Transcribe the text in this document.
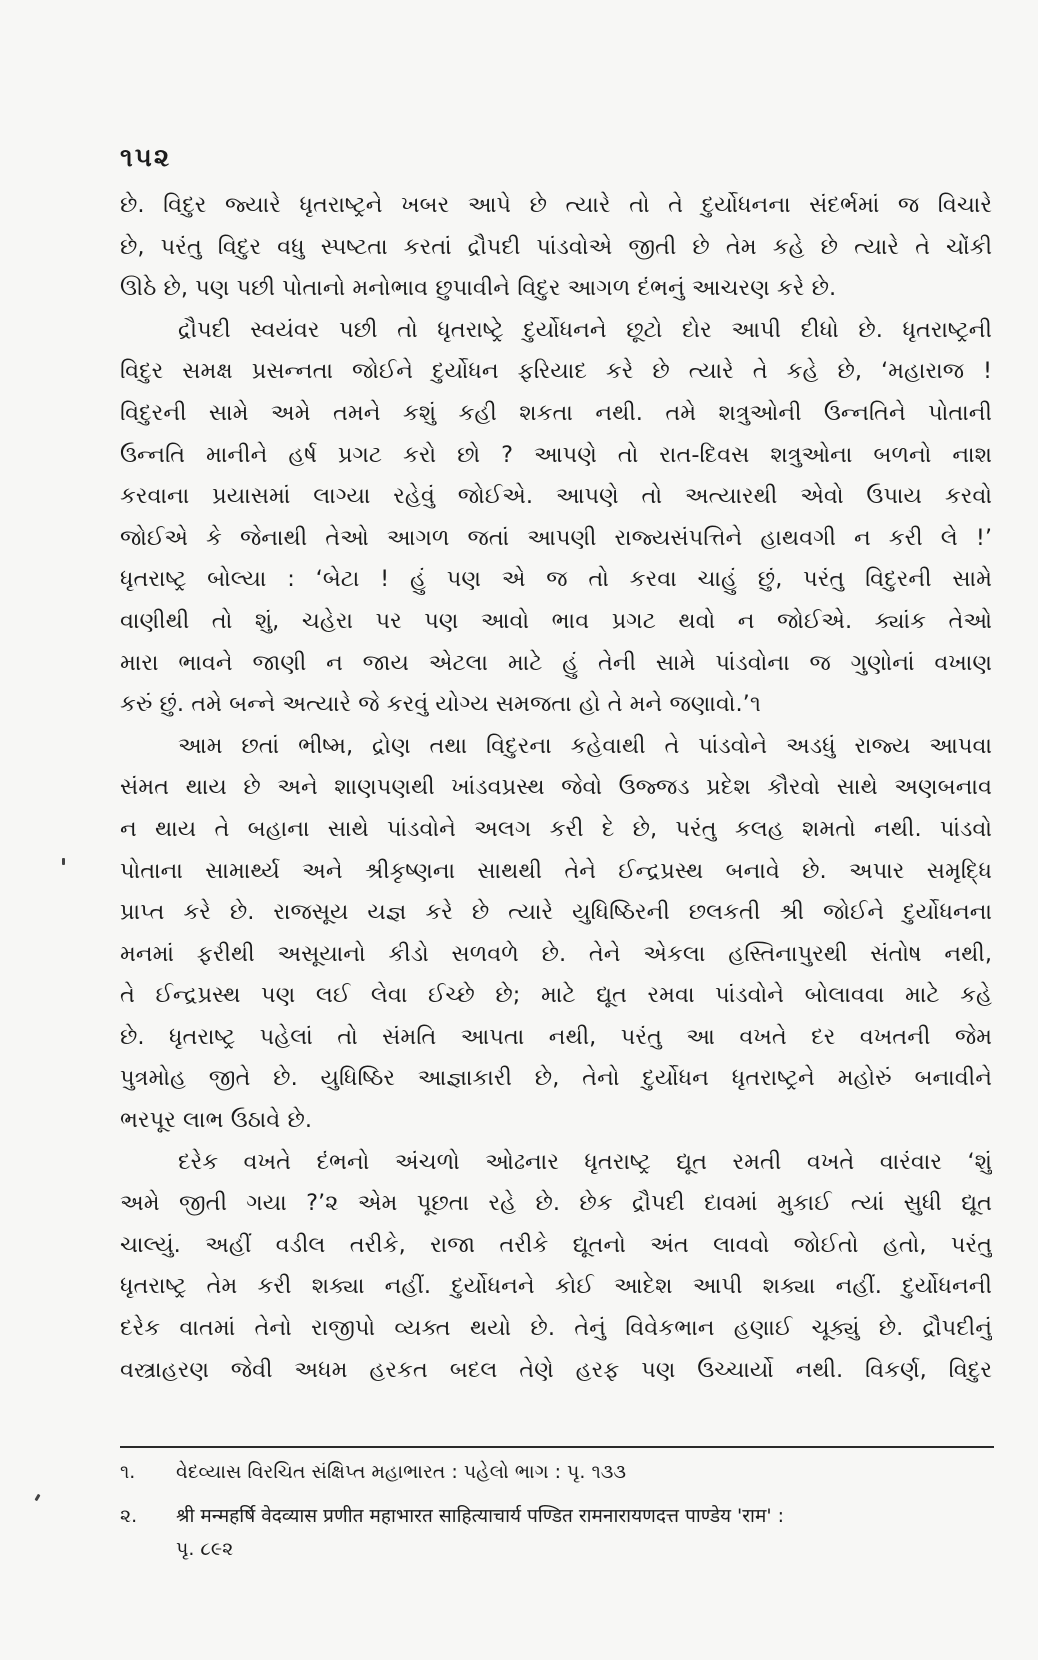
૧૫૨
છે. વિદુર જ્યારે ધૃતરાષ્ટ્રને ખબર આપે છે ત્યારે તો તે દુર્યોધનના સંદર્ભમાં જ વિચારે
છે, પરંતુ વિદુર વધુ સ્પષ્ટતા કરતાં દ્રૌપદી પાંડવોએ જીતી છે તેમ કહે છે ત્યારે તે ચોંકી
ઊઠે છે, પણ પછી પોતાનો મનોભાવ છુપાવીને વિદુર આગળ દંભનું આચરણ કરે છે.
દ્રૌપદી સ્વયંવર પછી તો ધૃતરાષ્ટ્રે દુર્યોધનને છૂટો દોર આપી દીધો છે. ધૃતરાષ્ટ્રની
વિદુર સમક્ષ પ્રસન્નતા જોઈને દુર્યોધન ફરિયાદ કરે છે ત્યારે તે કહે છે, ‘મહારાજ !
વિદુરની સામે અમે તમને કશું કહી શકતા નથી. તમે શત્રુઓની ઉન્નતિને પોતાની
ઉન્નતિ માનીને હર્ષ પ્રગટ કરો છો ? આપણે તો રાત-દિવસ શત્રુઓના બળનો નાશ
કરવાના પ્રયાસમાં લાગ્યા રહેવું જોઈએ. આપણે તો અત્યારથી એવો ઉપાય કરવો
જોઈએ કે જેનાથી તેઓ આગળ જતાં આપણી રાજ્યસંપત્તિને હાથવગી ન કરી લે !’
ધૃતરાષ્ટ્ર બોલ્યા : ‘બેટા ! હું પણ એ જ તો કરવા ચાહું છું, પરંતુ વિદુરની સામે
વાણીથી તો શું, ચહેરા પર પણ આવો ભાવ પ્રગટ થવો ન જોઈએ. ક્યાંક તેઓ
મારા ભાવને જાણી ન જાય એટલા માટે હું તેની સામે પાંડવોના જ ગુણોનાં વખાણ
કરું છું. તમે બન્ને અત્યારે જે કરવું યોગ્ય સમજતા હો તે મને જણાવો.’૧
આમ છતાં ભીષ્મ, દ્રોણ તથા વિદુરના કહેવાથી તે પાંડવોને અડધું રાજ્ય આપવા
સંમત થાય છે અને શાણપણથી ખાંડવપ્રસ્થ જેવો ઉજ્જડ પ્રદેશ કૌરવો સાથે અણબનાવ
ન થાય તે બહાના સાથે પાંડવોને અલગ કરી દે છે, પરંતુ કલહ શમતો નથી. પાંડવો
પોતાના સામાર્થ્ય અને શ્રીકૃષ્ણના સાથથી તેને ઈન્દ્રપ્રસ્થ બનાવે છે. અપાર સમૃદ્ધિ
પ્રાપ્ત કરે છે. રાજસૂય યજ્ઞ કરે છે ત્યારે યુધિષ્ઠિરની છલકતી શ્રી જોઈને દુર્યોધનના
મનમાં ફરીથી અસૂયાનો કીડો સળવળે છે. તેને એકલા હસ્તિનાપુરથી સંતોષ નથી,
તે ઈન્દ્રપ્રસ્થ પણ લઈ લેવા ઈચ્છે છે; માટે દ્યૂત રમવા પાંડવોને બોલાવવા માટે કહે
છે. ધૃતરાષ્ટ્ર પહેલાં તો સંમતિ આપતા નથી, પરંતુ આ વખતે દર વખતની જેમ
પુત્રમોહ જીતે છે. યુધિષ્ઠિર આજ્ઞાકારી છે, તેનો દુર્યોધન ધૃતરાષ્ટ્રને મહોરું બનાવીને
ભરપૂર લાભ ઉઠાવે છે.
દરેક વખતે દંભનો અંચળો ઓઢનાર ધૃતરાષ્ટ્ર દ્યૂત રમતી વખતે વારંવાર ‘શું
અમે જીતી ગયા ?’૨ એમ પૂછતા રહે છે. છેક દ્રૌપદી દાવમાં મુકાઈ ત્યાં સુધી દ્યૂત
ચાલ્યું. અહીં વડીલ તરીકે, રાજા તરીકે દ્યૂતનો અંત લાવવો જોઈતો હતો, પરંતુ
ધૃતરાષ્ટ્ર તેમ કરી શક્યા નહીં. દુર્યોધનને કોઈ આદેશ આપી શક્યા નહીં. દુર્યોધનની
દરેક વાતમાં તેનો રાજીપો વ્યક્ત થયો છે. તેનું વિવેકભાન હણાઈ ચૂક્યું છે. દ્રૌપદીનું
વસ્ત્રાહરણ જેવી અધમ હરકત બદલ તેણે હરફ પણ ઉચ્ચાર્યો નથી. વિકર્ણ, વિદુર
૧.	વેદવ્યાસ વિરચિત સંક્ષિપ્ત મહાભારત : પહેલો ભાગ : પૃ. ૧૩૩
૨.	श्री मन्महर्षि वेदव्यास प्रणीत महाभारत साहित्याचार्य पण्डित रामनारायणदत्त पाण्डेय 'राम' :
પૃ. ૮૯૨
